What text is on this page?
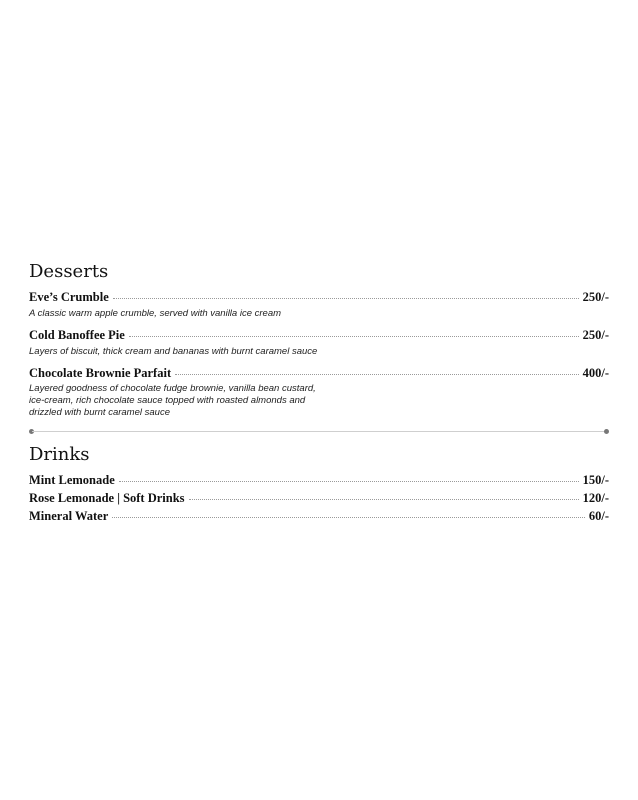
Desserts
Eve’s Crumble	250/-
A classic warm apple crumble, served with vanilla ice cream
Cold Banoffee Pie	250/-
Layers of biscuit, thick cream and bananas with burnt caramel sauce
Chocolate Brownie Parfait	400/-
Layered goodness of chocolate fudge brownie, vanilla bean custard,
ice-cream, rich chocolate sauce topped with roasted almonds and
drizzled with burnt caramel sauce
Drinks
Mint Lemonade	150/-
Rose Lemonade | Soft Drinks	120/-
Mineral Water	60/-
